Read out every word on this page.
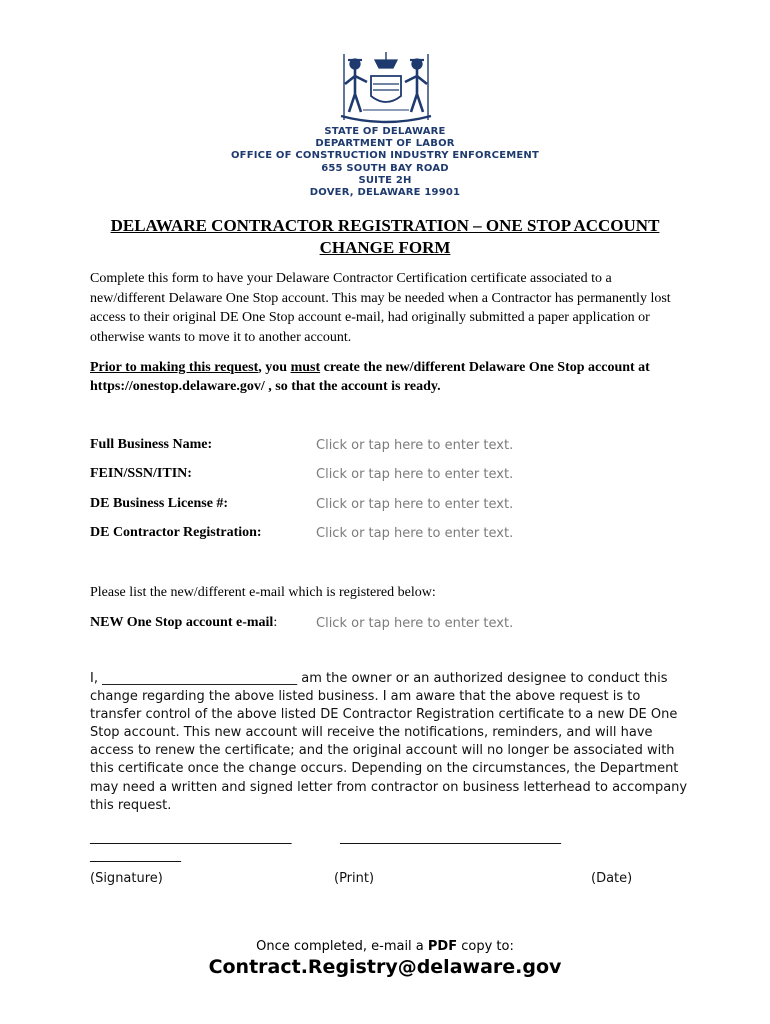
STATE OF DELAWARE
DEPARTMENT OF LABOR
OFFICE OF CONSTRUCTION INDUSTRY ENFORCEMENT
655 SOUTH BAY ROAD
SUITE 2H
DOVER, DELAWARE 19901
DELAWARE CONTRACTOR REGISTRATION – ONE STOP ACCOUNT
CHANGE FORM
Complete this form to have your Delaware Contractor Certification certificate associated to a new/different Delaware One Stop account. This may be needed when a Contractor has permanently lost access to their original DE One Stop account e-mail, had originally submitted a paper application or otherwise wants to move it to another account.
Prior to making this request, you must create the new/different Delaware One Stop account at https://onestop.delaware.gov/ , so that the account is ready.
Full Business Name:	Click or tap here to enter text.
FEIN/SSN/ITIN:	Click or tap here to enter text.
DE Business License #:	Click or tap here to enter text.
DE Contractor Registration:	Click or tap here to enter text.
Please list the new/different e-mail which is registered below:
NEW One Stop account e-mail:	Click or tap here to enter text.
I, ______________________________ am the owner or an authorized designee to conduct this change regarding the above listed business. I am aware that the above request is to transfer control of the above listed DE Contractor Registration certificate to a new DE One Stop account. This new account will receive the notifications, reminders, and will have access to renew the certificate; and the original account will no longer be associated with this certificate once the change occurs. Depending on the circumstances, the Department may need a written and signed letter from contractor on business letterhead to accompany this request.
_______________________________	__________________________________
______________
(Signature)	(Print)	(Date)
Once completed, e-mail a PDF copy to:
Contract.Registry@delaware.gov
